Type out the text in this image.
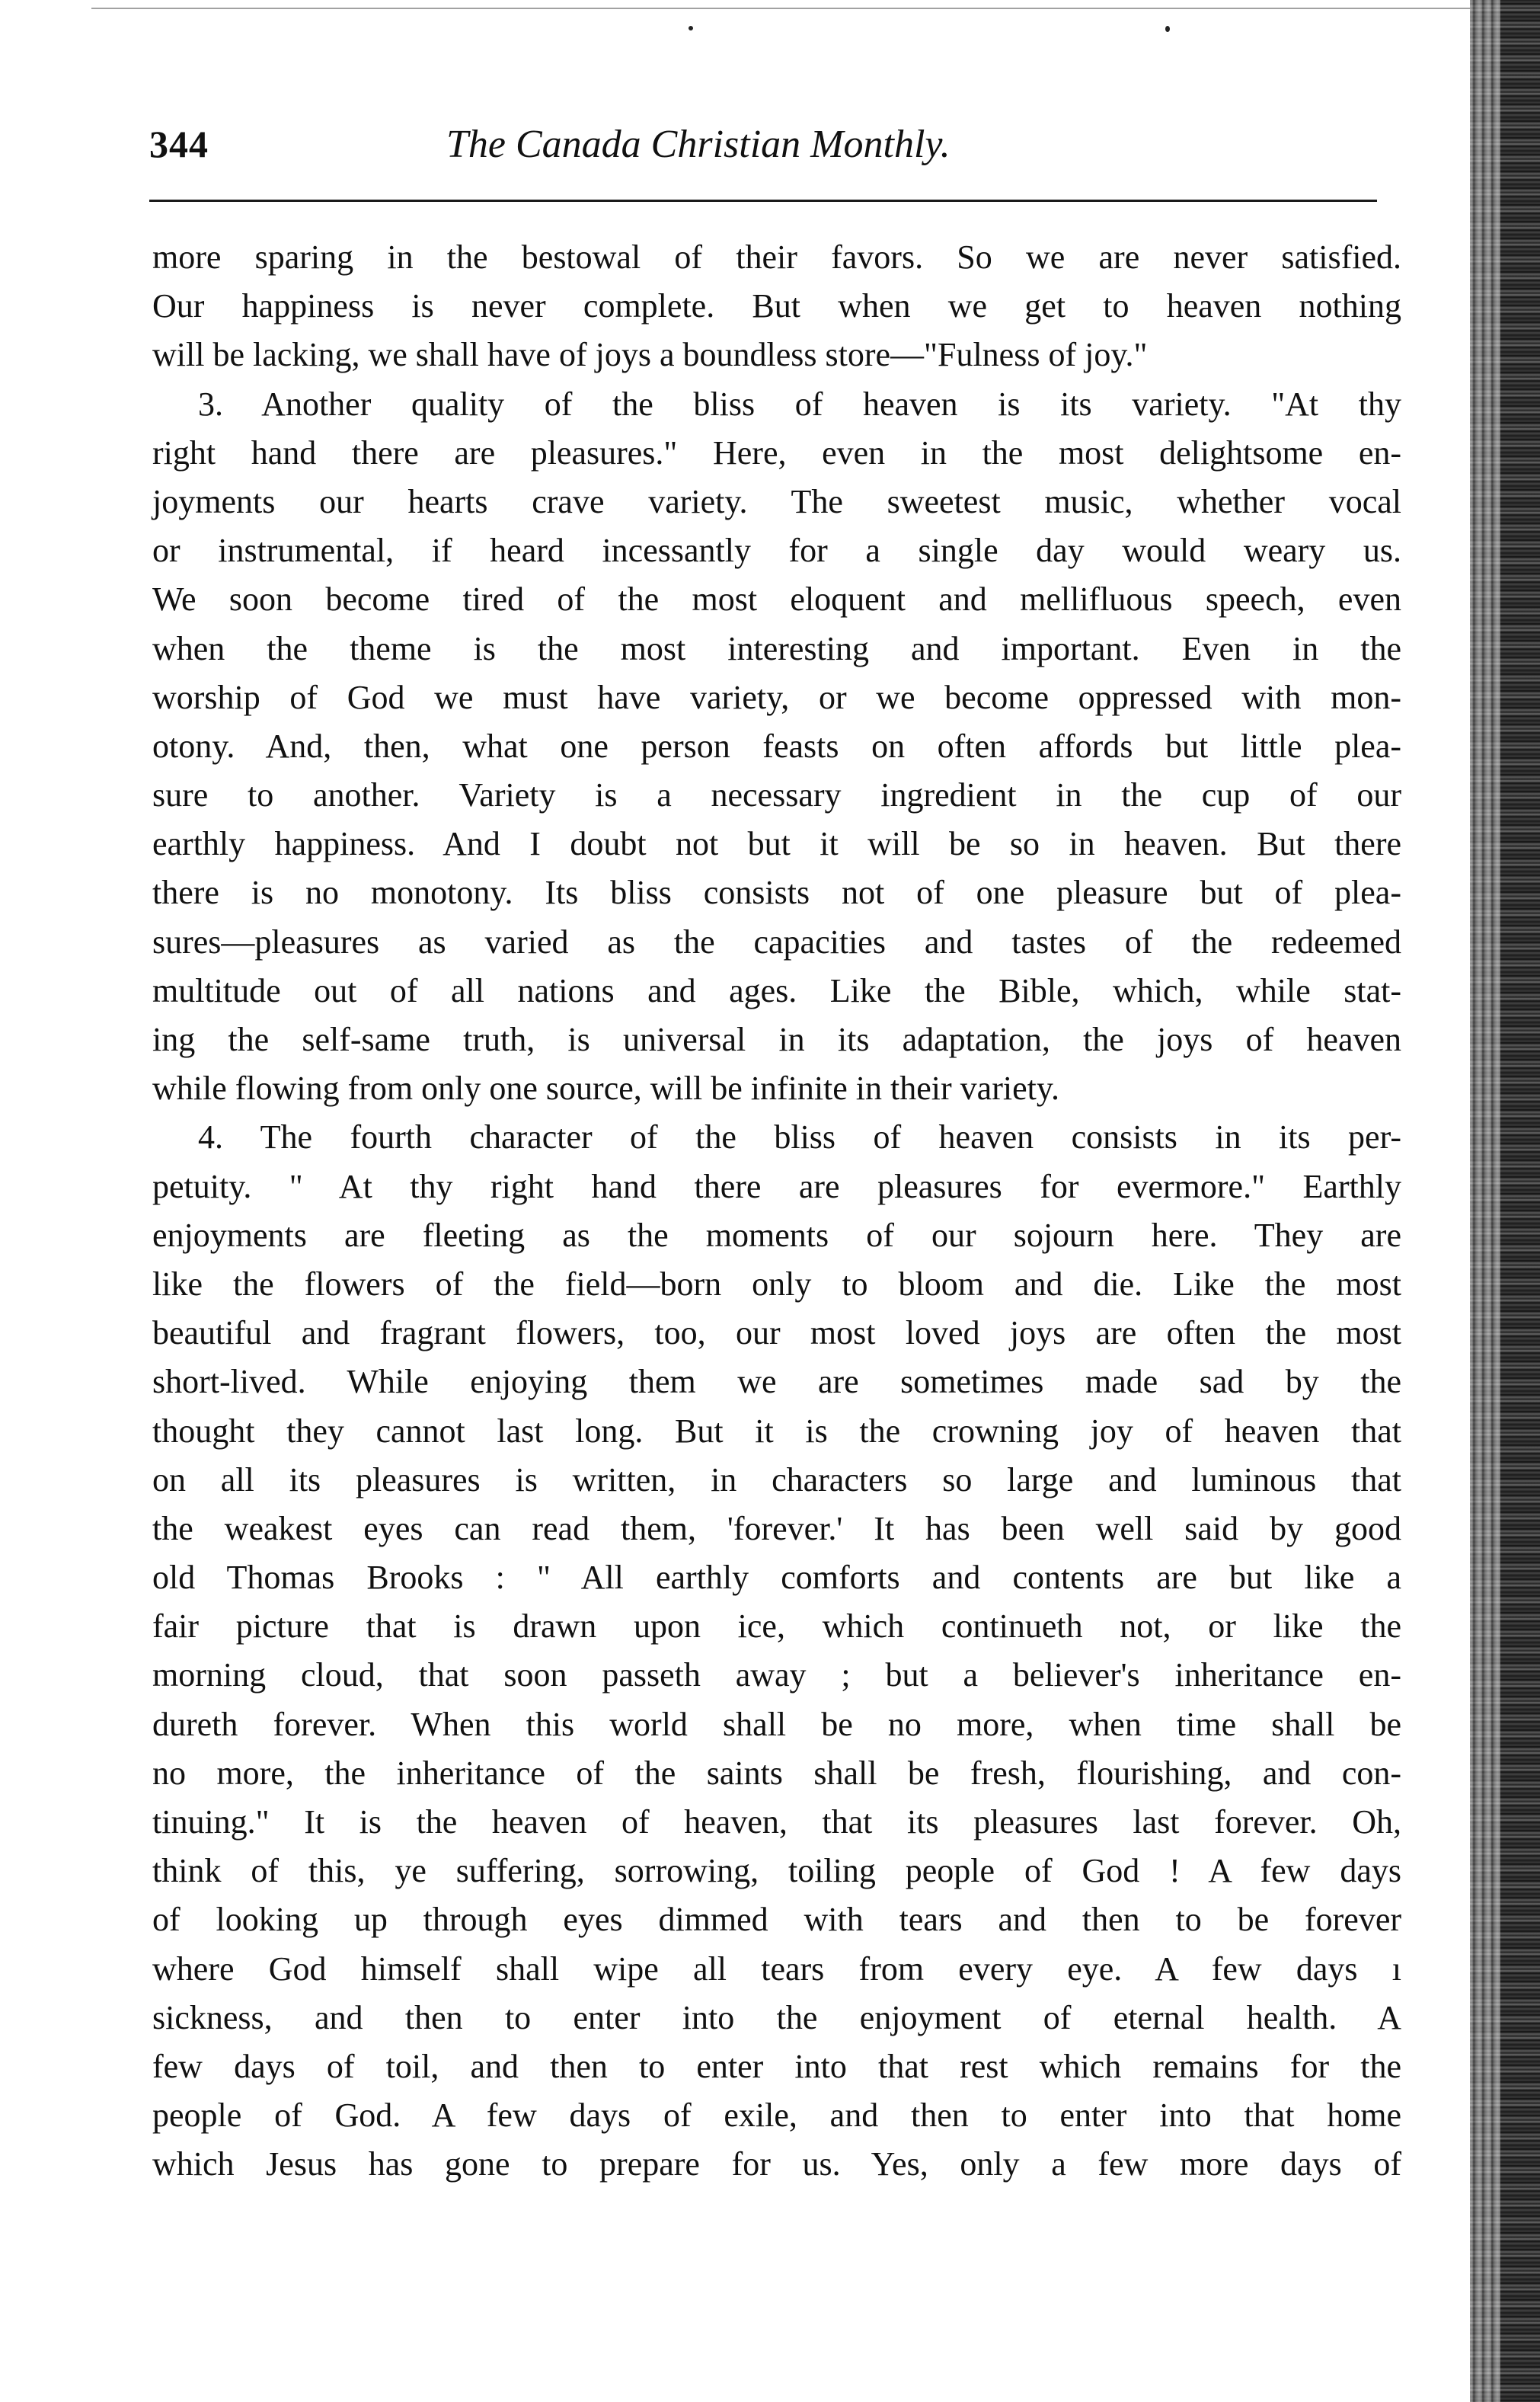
344	The Canada Christian Monthly.
more sparing in the bestowal of their favors. So we are never satisfied.
Our happiness is never complete. But when we get to heaven nothing
will be lacking, we shall have of joys a boundless store—"Fulness of joy."
3. Another quality of the bliss of heaven is its variety. "At thy
right hand there are pleasures." Here, even in the most delightsome en-
joyments our hearts crave variety. The sweetest music, whether vocal
or instrumental, if heard incessantly for a single day would weary us.
We soon become tired of the most eloquent and mellifluous speech, even
when the theme is the most interesting and important. Even in the
worship of God we must have variety, or we become oppressed with mon-
otony. And, then, what one person feasts on often affords but little plea-
sure to another. Variety is a necessary ingredient in the cup of our
earthly happiness. And I doubt not but it will be so in heaven. But there
there is no monotony. Its bliss consists not of one pleasure but of plea-
sures—pleasures as varied as the capacities and tastes of the redeemed
multitude out of all nations and ages. Like the Bible, which, while stat-
ing the self-same truth, is universal in its adaptation, the joys of heaven
while flowing from only one source, will be infinite in their variety.
4. The fourth character of the bliss of heaven consists in its per-
petuity. " At thy right hand there are pleasures for evermore." Earthly
enjoyments are fleeting as the moments of our sojourn here. They are
like the flowers of the field—born only to bloom and die. Like the most
beautiful and fragrant flowers, too, our most loved joys are often the most
short-lived. While enjoying them we are sometimes made sad by the
thought they cannot last long. But it is the crowning joy of heaven that
on all its pleasures is written, in characters so large and luminous that
the weakest eyes can read them, 'forever.' It has been well said by good
old Thomas Brooks : " All earthly comforts and contents are but like a
fair picture that is drawn upon ice, which continueth not, or like the
morning cloud, that soon passeth away ; but a believer's inheritance en-
dureth forever. When this world shall be no more, when time shall be
no more, the inheritance of the saints shall be fresh, flourishing, and con-
tinuing." It is the heaven of heaven, that its pleasures last forever. Oh,
think of this, ye suffering, sorrowing, toiling people of God ! A few days
of looking up through eyes dimmed with tears and then to be forever
where God himself shall wipe all tears from every eye. A few days ı
sickness, and then to enter into the enjoyment of eternal health. A
few days of toil, and then to enter into that rest which remains for the
people of God. A few days of exile, and then to enter into that home
which Jesus has gone to prepare for us. Yes, only a few more days of
